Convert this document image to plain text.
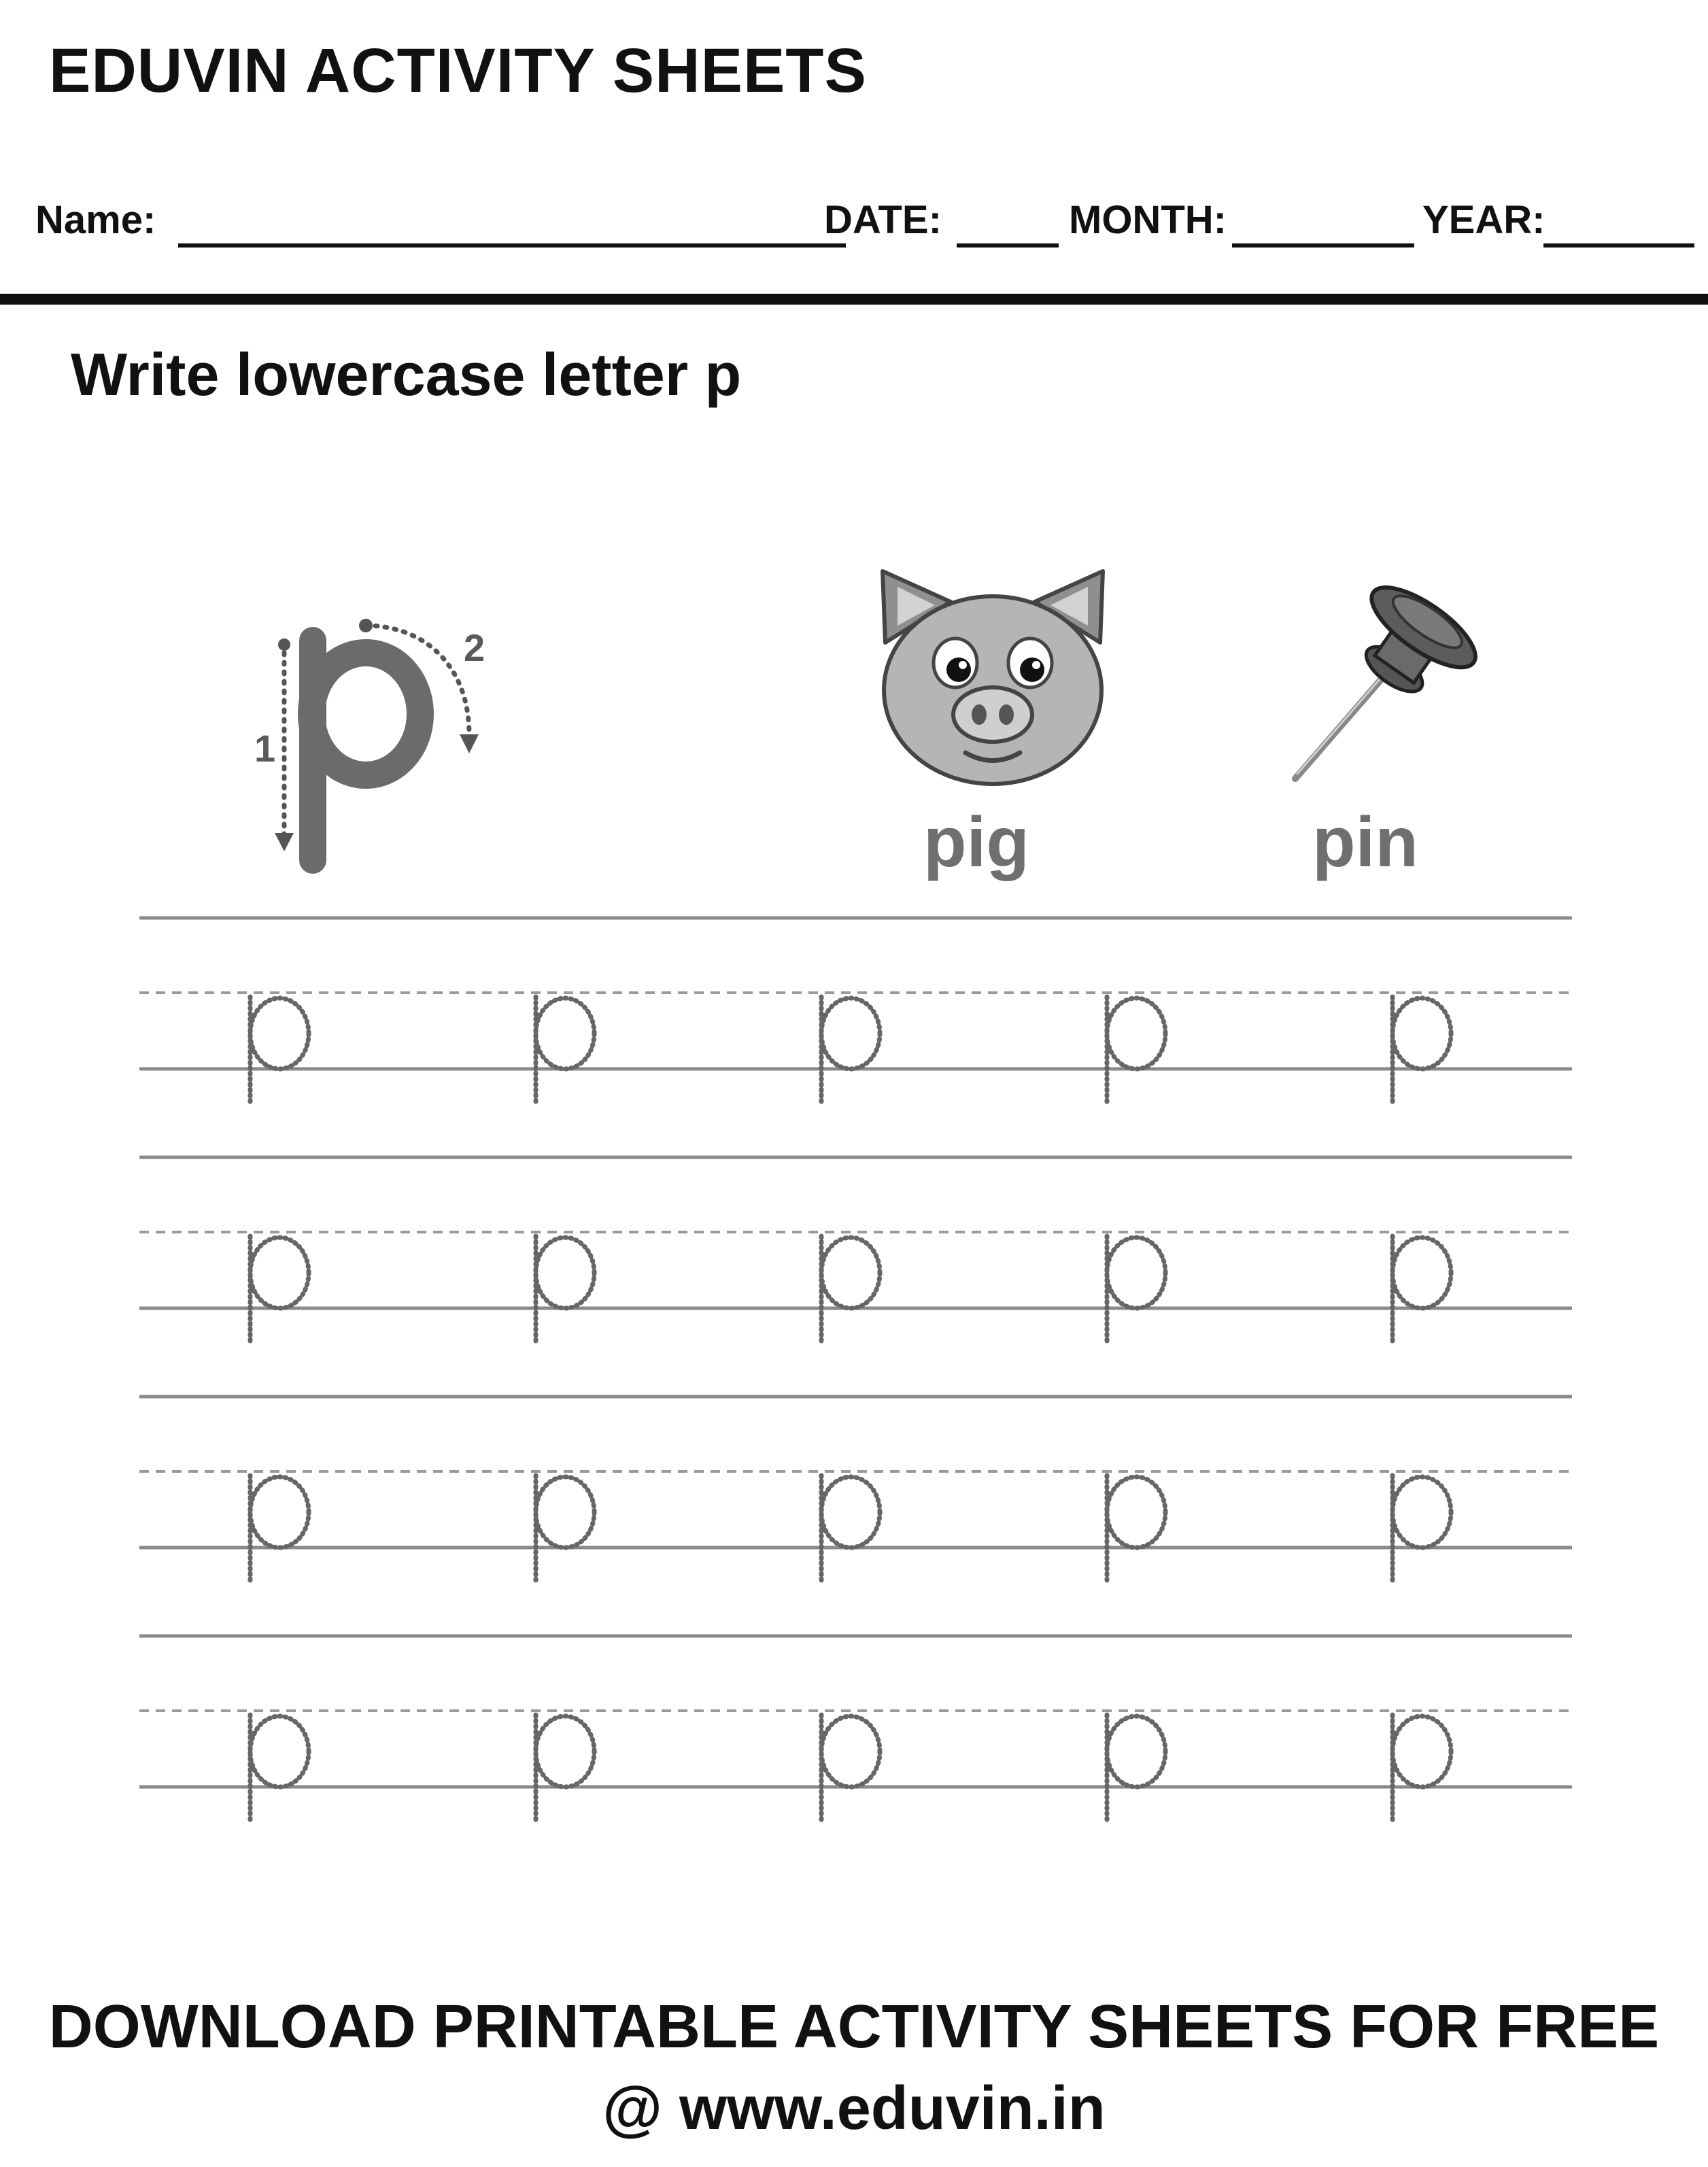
EDUVIN ACTIVITY SHEETS
Name:	DATE:	MONTH:	YEAR:
Write lowercase letter p
1
2
pig	pin
DOWNLOAD PRINTABLE ACTIVITY SHEETS FOR FREE
@ www.eduvin.in
